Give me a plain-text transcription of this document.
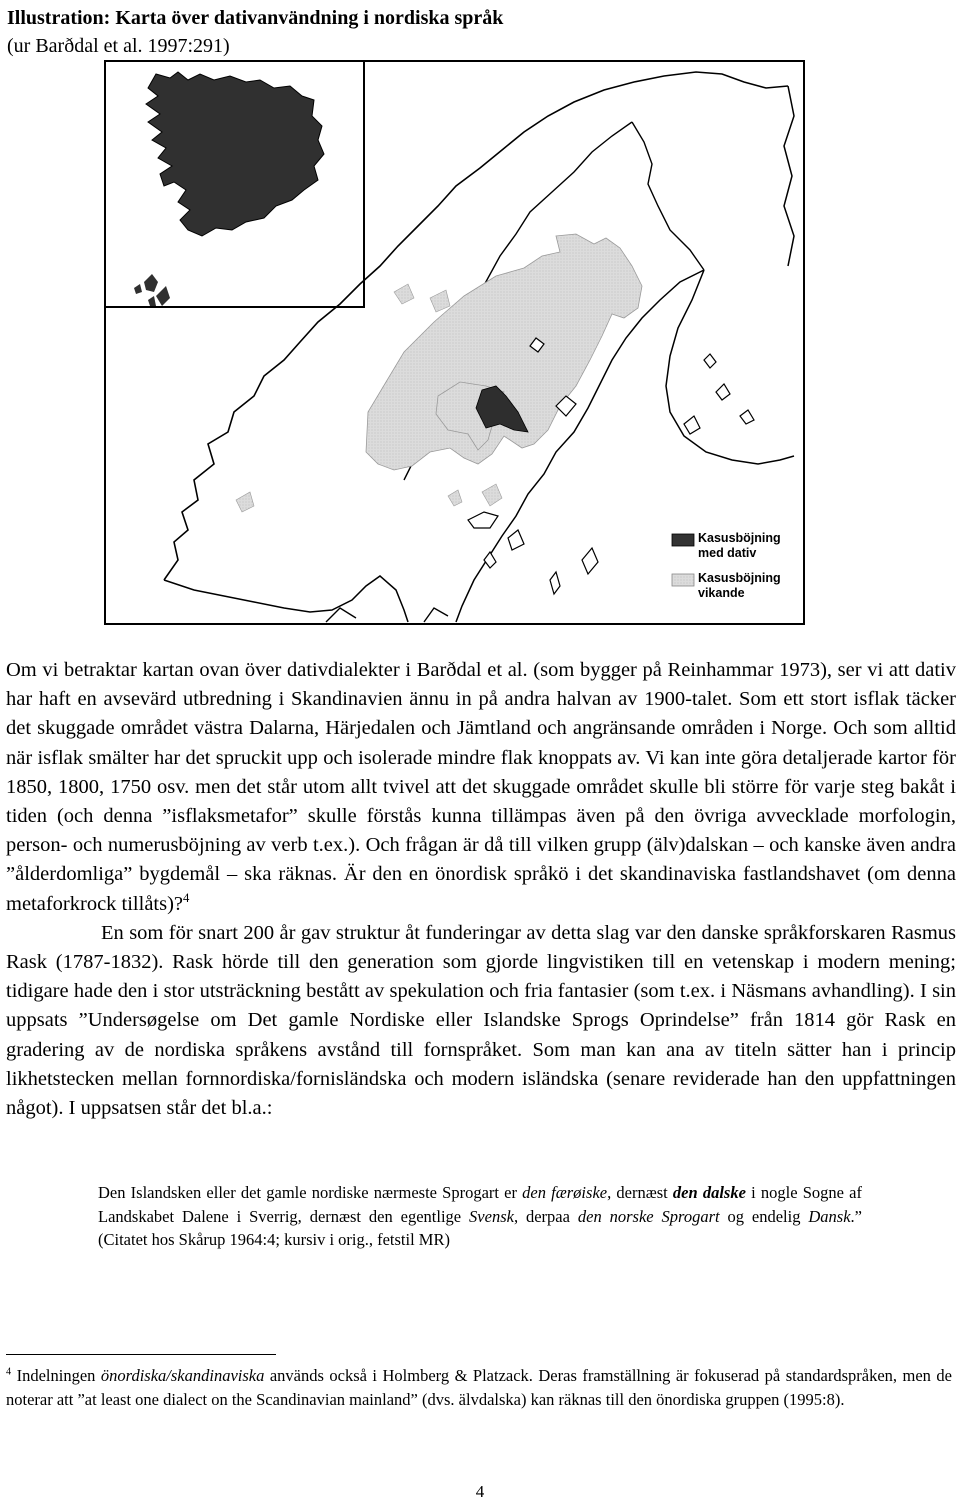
Illustration: Karta över dativanvändning i nordiska språk
(ur Barðdal et al. 1997:291)
Kasusböjning
med dativ
Kasusböjning
vikande

Om vi betraktar kartan ovan över dativdialekter i Barðdal et al. (som bygger på Reinhammar 1973), ser vi att dativ har haft en avsevärd utbredning i Skandinavien ännu in på andra halvan av 1900-talet. Som ett stort isflak täcker det skuggade området västra Dalarna, Härjedalen och Jämtland och angränsande områden i Norge. Och som alltid när isflak smälter har det spruckit upp och isolerade mindre flak knoppats av. Vi kan inte göra detaljerade kartor för 1850, 1800, 1750 osv. men det står utom allt tvivel att det skuggade området skulle bli större för varje steg bakåt i tiden (och denna ”isflaksmetafor” skulle förstås kunna tillämpas även på den övriga avvecklade morfologin, person- och numerusböjning av verb t.ex.). Och frågan är då till vilken grupp (älv)dalskan – och kanske även andra ”ålderdomliga” bygdemål – ska räknas. Är den en önordisk språkö i det skandinaviska fastlandshavet (om denna metaforkrock tillåts)?$^4$

En som för snart 200 år gav struktur åt funderingar av detta slag var den danske språkforskaren Rasmus Rask (1787-1832). Rask hörde till den generation som gjorde lingvistiken till en vetenskap i modern mening; tidigare hade den i stor utsträckning bestått av spekulation och fria fantasier (som t.ex. i Näsmans avhandling). I sin uppsats ”Undersøgelse om Det gamle Nordiske eller Islandske Sprogs Oprindelse” från 1814 gör Rask en gradering av de nordiska språkens avstånd till fornspråket. Som man kan ana av titeln sätter han i princip likhetstecken mellan fornnordiska/fornisländska och modern isländska (senare reviderade han den uppfattningen något). I uppsatsen står det bl.a.:

Den Islandsken eller det gamle nordiske nærmeste Sprogart er den færøiske, dernæst den dalske i nogle Sogne af Landskabet Dalene i Sverrig, dernæst den egentlige Svensk, derpaa den norske Sprogart og endelig Dansk.” (Citatet hos Skårup 1964:4; kursiv i orig., fetstil MR)
$^4$ Indelningen önordiska/skandinaviska används också i Holmberg & Platzack. Deras framställning är fokuserad på standardspråken, men de noterar att ”at least one dialect on the Scandinavian mainland” (dvs. älvdalska) kan räknas till den önordiska gruppen (1995:8).
4
